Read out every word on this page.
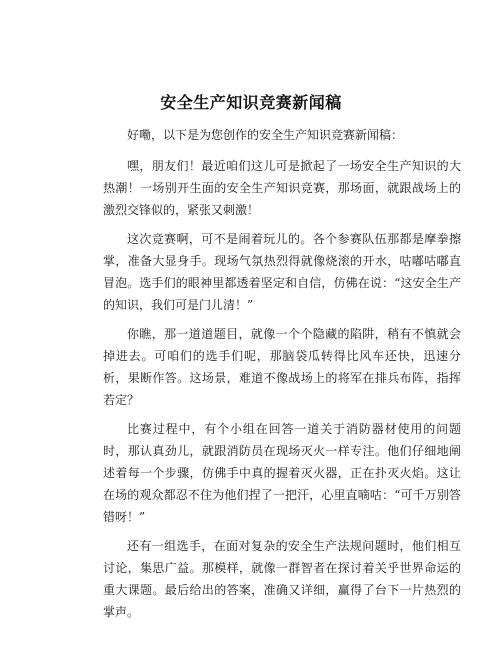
安全生产知识竞赛新闻稿

好嘞，以下是为您创作的安全生产知识竞赛新闻稿：

嘿，朋友们！最近咱们这儿可是掀起了一场安全生产知识的大热潮！一场别开生面的安全生产知识竞赛，那场面，就跟战场上的激烈交锋似的，紧张又刺激！

这次竞赛啊，可不是闹着玩儿的。各个参赛队伍那都是摩拳擦掌，准备大显身手。现场气氛热烈得就像烧滚的开水，咕嘟咕嘟直冒泡。选手们的眼神里都透着坚定和自信，仿佛在说：“这安全生产的知识，我们可是门儿清！”

你瞧，那一道道题目，就像一个个隐藏的陷阱，稍有不慎就会掉进去。可咱们的选手们呢，那脑袋瓜转得比风车还快，迅速分析，果断作答。这场景，难道不像战场上的将军在排兵布阵，指挥若定？

比赛过程中，有个小组在回答一道关于消防器材使用的问题时，那认真劲儿，就跟消防员在现场灭火一样专注。他们仔细地阐述着每一个步骤，仿佛手中真的握着灭火器，正在扑灭火焰。这让在场的观众都忍不住为他们捏了一把汗，心里直嘀咕：“可千万别答错呀！”

还有一组选手，在面对复杂的安全生产法规问题时，他们相互讨论，集思广益。那模样，就像一群智者在探讨着关乎世界命运的重大课题。最后给出的答案，准确又详细，赢得了台下一片热烈的掌声。
